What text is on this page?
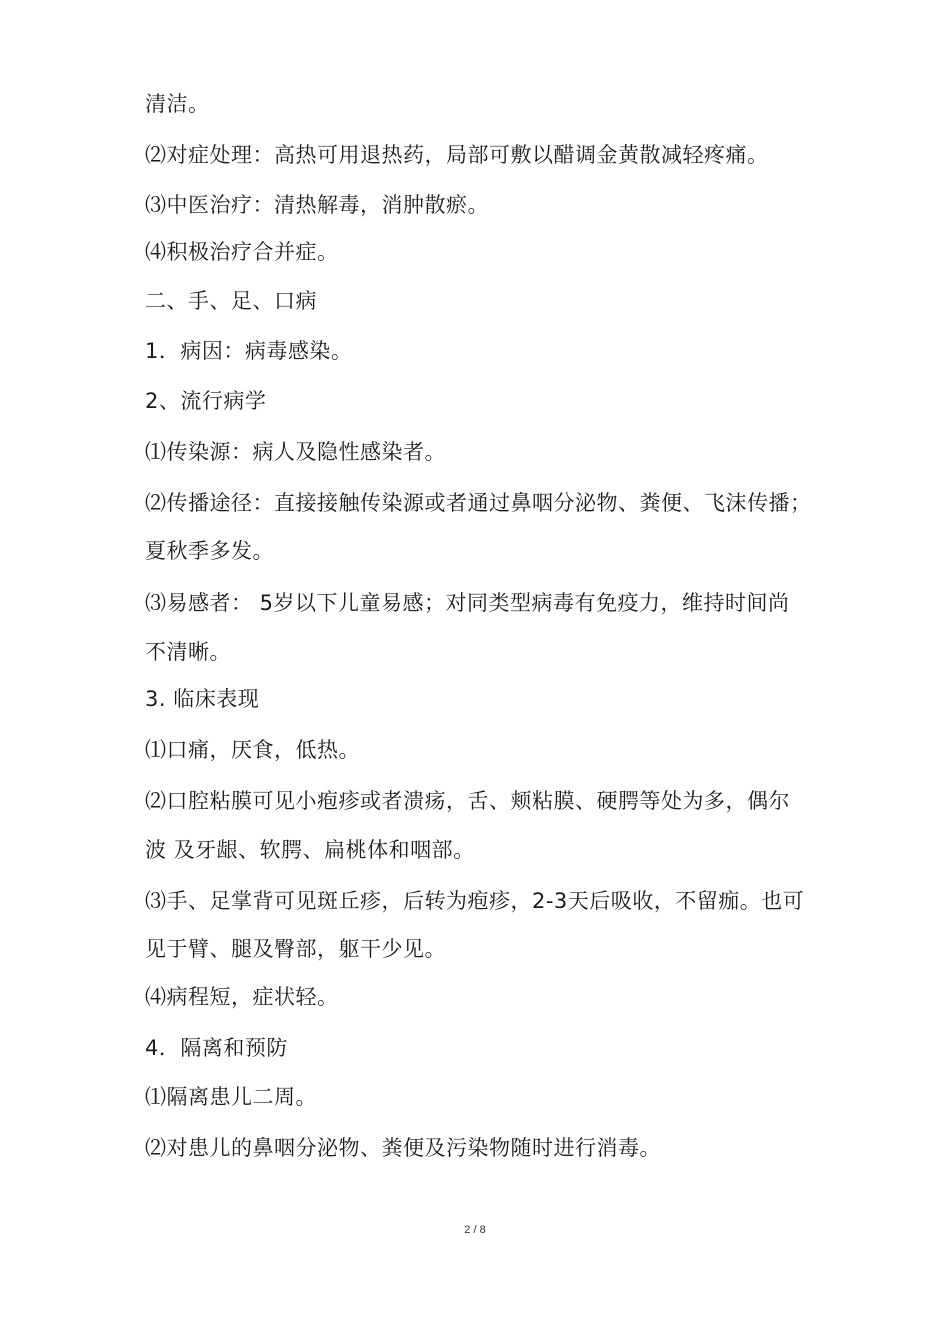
清洁。
⑵对症处理：高热可用退热药，局部可敷以醋调金黄散减轻疼痛。
⑶中医治疗：清热解毒，消肿散瘀。
⑷积极治疗合并症。
二、手、足、口病
1．病因：病毒感染。
2、流行病学
⑴传染源：病人及隐性感染者。
⑵传播途径：直接接触传染源或者通过鼻咽分泌物、粪便、飞沫传播；
夏秋季多发。
⑶易感者： 5岁以下儿童易感；对同类型病毒有免疫力，维持时间尚
不清晰。
3. 临床表现
⑴口痛，厌食，低热。
⑵口腔粘膜可见小疱疹或者溃疡，舌、颊粘膜、硬腭等处为多，偶尔
波 及牙龈、软腭、扁桃体和咽部。
⑶手、足掌背可见斑丘疹，后转为疱疹，2-3天后吸收，不留痂。也可
见于臂、腿及臀部，躯干少见。
⑷病程短，症状轻。
4．隔离和预防
⑴隔离患儿二周。
⑵对患儿的鼻咽分泌物、粪便及污染物随时进行消毒。
2 / 8
